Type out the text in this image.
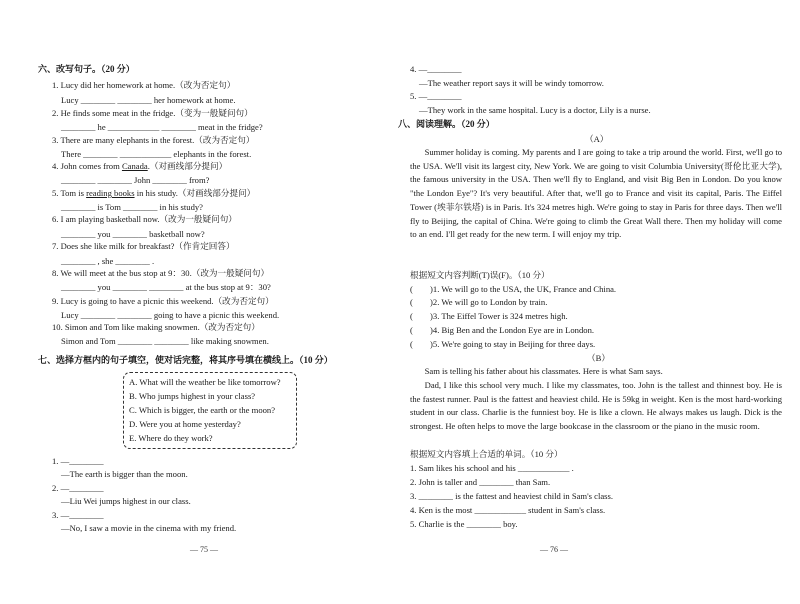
六、改写句子。（20 分）
1. Lucy did her homework at home.（改为否定句）
Lucy ________ ________ her homework at home.
2. He finds some meat in the fridge.（变为一般疑问句）
________ he ____________ ________ meat in the fridge?
3. There are many elephants in the forest.（改为否定句）
There ________ ____________ elephants in the forest.
4. John comes from Canada.（对画线部分提问）
________ ________ John ________ from?
5. Tom is reading books in his study.（对画线部分提问）
________ is Tom ________ in his study?
6. I am playing basketball now.（改为一般疑问句）
________ you ________ basketball now?
7. Does she like milk for breakfast?（作肯定回答）
________ , she ________ .
8. We will meet at the bus stop at 9：30.（改为一般疑问句）
________ you ________ ________ at the bus stop at 9：30?
9. Lucy is going to have a picnic this weekend.（改为否定句）
Lucy ________ ________ going to have a picnic this weekend.
10. Simon and Tom like making snowmen.（改为否定句）
Simon and Tom ________ ________ like making snowmen.
七、选择方框内的句子填空，使对话完整，将其序号填在横线上。（10 分）
A. What will the weather be like tomorrow?
B. Who jumps highest in your class?
C. Which is bigger, the earth or the moon?
D. Were you at home yesterday?
E. Where do they work?
1. —________
—The earth is bigger than the moon.
2. —________
—Liu Wei jumps highest in our class.
3. —________
—No, I saw a movie in the cinema with my friend.
— 75 —
4. —________
—The weather report says it will be windy tomorrow.
5. —________
—They work in the same hospital. Lucy is a doctor, Lily is a nurse.
八、阅读理解。（20 分）
（A）
Summer holiday is coming. My parents and I are going to take a trip around the world. First, we'll go to the USA. We'll visit its largest city, New York. We are going to visit Columbia University(哥伦比亚大学), the famous university in the USA. Then we'll fly to England, and visit Big Ben in London. Do you know "the London Eye"? It's very beautiful. After that, we'll go to France and visit its capital, Paris. The Eiffel Tower (埃菲尔铁塔) is in Paris. It's 324 metres high. We're going to stay in Paris for three days. Then we'll fly to Beijing, the capital of China. We're going to climb the Great Wall there. Then my holiday will come to an end. I'll get ready for the new term. I will enjoy my trip.
根据短文内容判断(T)误(F)。（10 分）
(　　)1. We will go to the USA, the UK, France and China.
(　　)2. We will go to London by train.
(　　)3. The Eiffel Tower is 324 metres high.
(　　)4. Big Ben and the London Eye are in London.
(　　)5. We're going to stay in Beijing for three days.
（B）
Sam is telling his father about his classmates. Here is what Sam says.
Dad, I like this school very much. I like my classmates, too. John is the tallest and thinnest boy. He is the fastest runner. Paul is the fattest and heaviest child. He is 59kg in weight. Ken is the most hard-working student in our class. Charlie is the funniest boy. He is like a clown. He always makes us laugh. Dick is the strongest. He often helps to move the large bookcase in the classroom or the piano in the music room.
根据短文内容填上合适的单词。（10 分）
1. Sam likes his school and his ____________ .
2. John is taller and ________ than Sam.
3. ________ is the fattest and heaviest child in Sam's class.
4. Ken is the most ____________ student in Sam's class.
5. Charlie is the ________ boy.
— 76 —
